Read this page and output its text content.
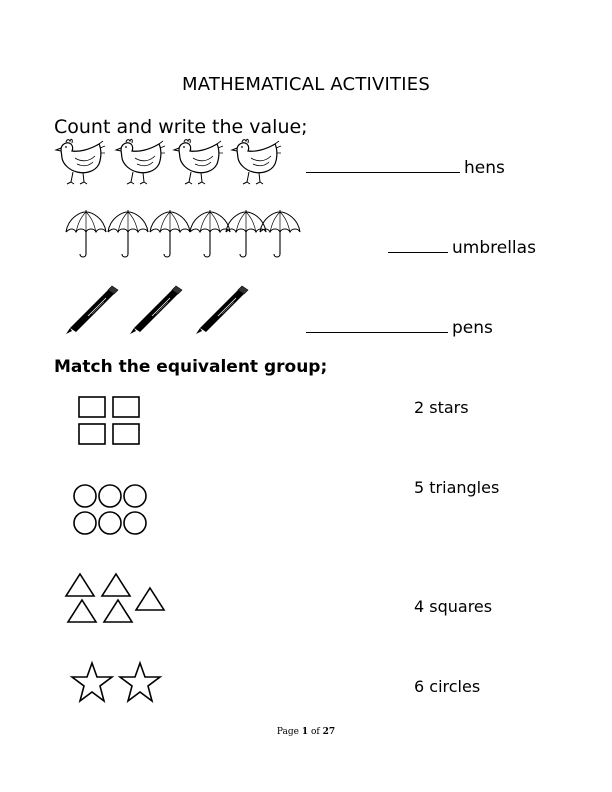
MATHEMATICAL ACTIVITIES
Count and write the value;
hens
umbrellas
pens
Match the equivalent group;
2 stars
5 triangles
4 squares
6 circles
Page 1 of 27
